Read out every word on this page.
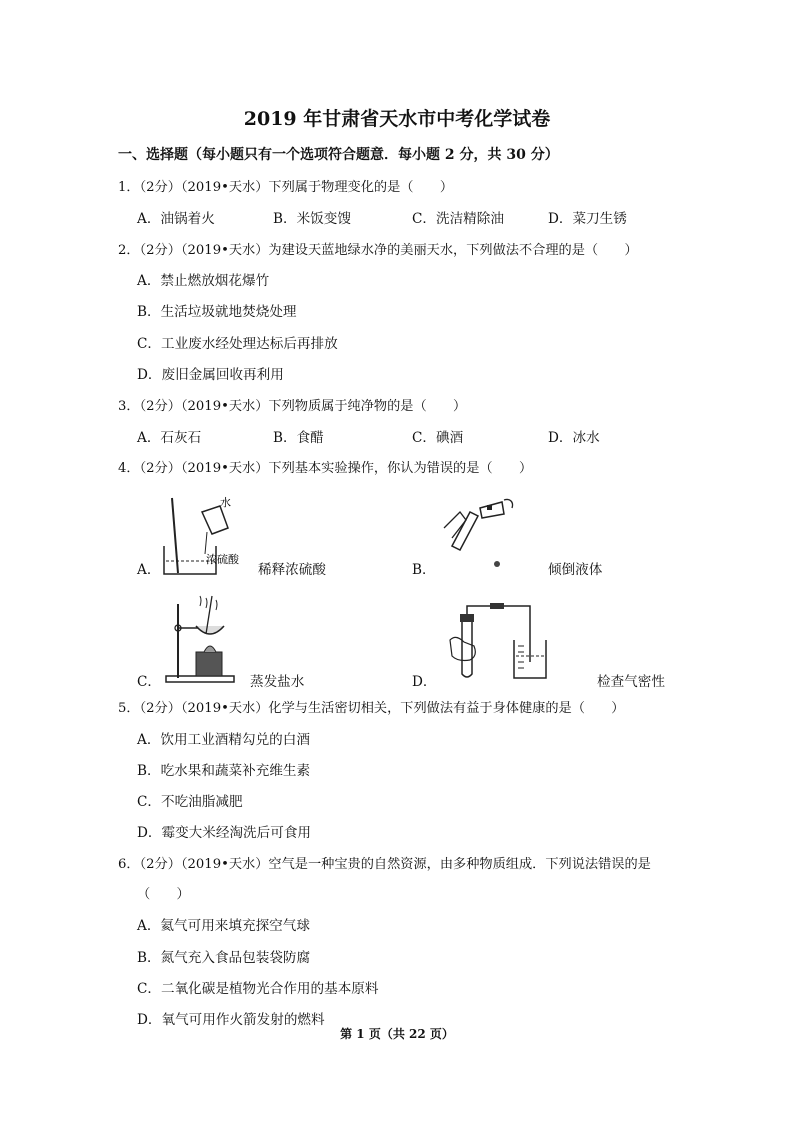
2019 年甘肃省天水市中考化学试卷
一、选择题（每小题只有一个选项符合题意．每小题 2 分，共 30 分）
1．（2分）（2019•天水）下列属于物理变化的是（　　）
A．油锅着火	B．米饭变馊	C．洗洁精除油	D．菜刀生锈
2．（2分）（2019•天水）为建设天蓝地绿水净的美丽天水，下列做法不合理的是（　　）
A．禁止燃放烟花爆竹
B．生活垃圾就地焚烧处理
C．工业废水经处理达标后再排放
D．废旧金属回收再利用
3．（2分）（2019•天水）下列物质属于纯净物的是（　　）
A．石灰石	B．食醋	C．碘酒	D．冰水
4．（2分）（2019•天水）下列基本实验操作，你认为错误的是（　　）
水
浓硫酸
A．	稀释浓硫酸	B．	倾倒液体
C．	蒸发盐水	D．	检查气密性
5．（2分）（2019•天水）化学与生活密切相关，下列做法有益于身体健康的是（　　）
A．饮用工业酒精勾兑的白酒
B．吃水果和蔬菜补充维生素
C．不吃油脂减肥
D．霉变大米经淘洗后可食用
6．（2分）（2019•天水）空气是一种宝贵的自然资源，由多种物质组成．下列说法错误的是
（　　）
A．氦气可用来填充探空气球
B．氮气充入食品包装袋防腐
C．二氧化碳是植物光合作用的基本原料
D．氧气可用作火箭发射的燃料
第 1 页（共 22 页）
